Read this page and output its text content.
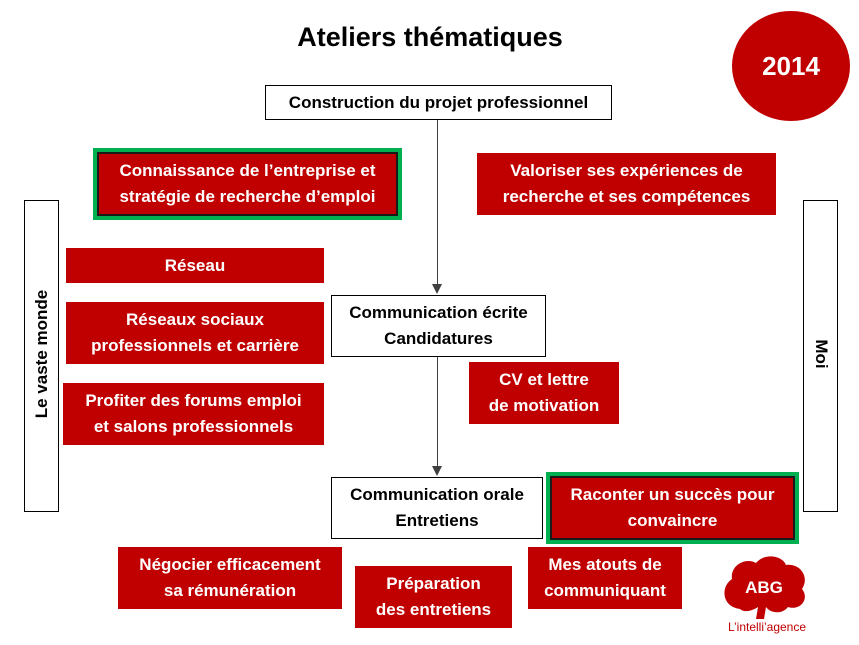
Ateliers thématiques
2014
Le vaste monde	Moi
Construction du projet professionnel
Communication écrite
Candidatures
Communication orale
Entretiens
Connaissance de l’entreprise et
stratégie de recherche d’emploi
Valoriser ses expériences de
recherche et ses compétences
Réseau
Réseaux sociaux
professionnels et carrière
Profiter des forums emploi
et salons professionnels
CV et lettre
de motivation
Raconter un succès pour
convaincre
Négocier efficacement
sa rémunération	Préparation
des entretiens
Mes atouts de
communiquant	ABG
L’intelli’agence
